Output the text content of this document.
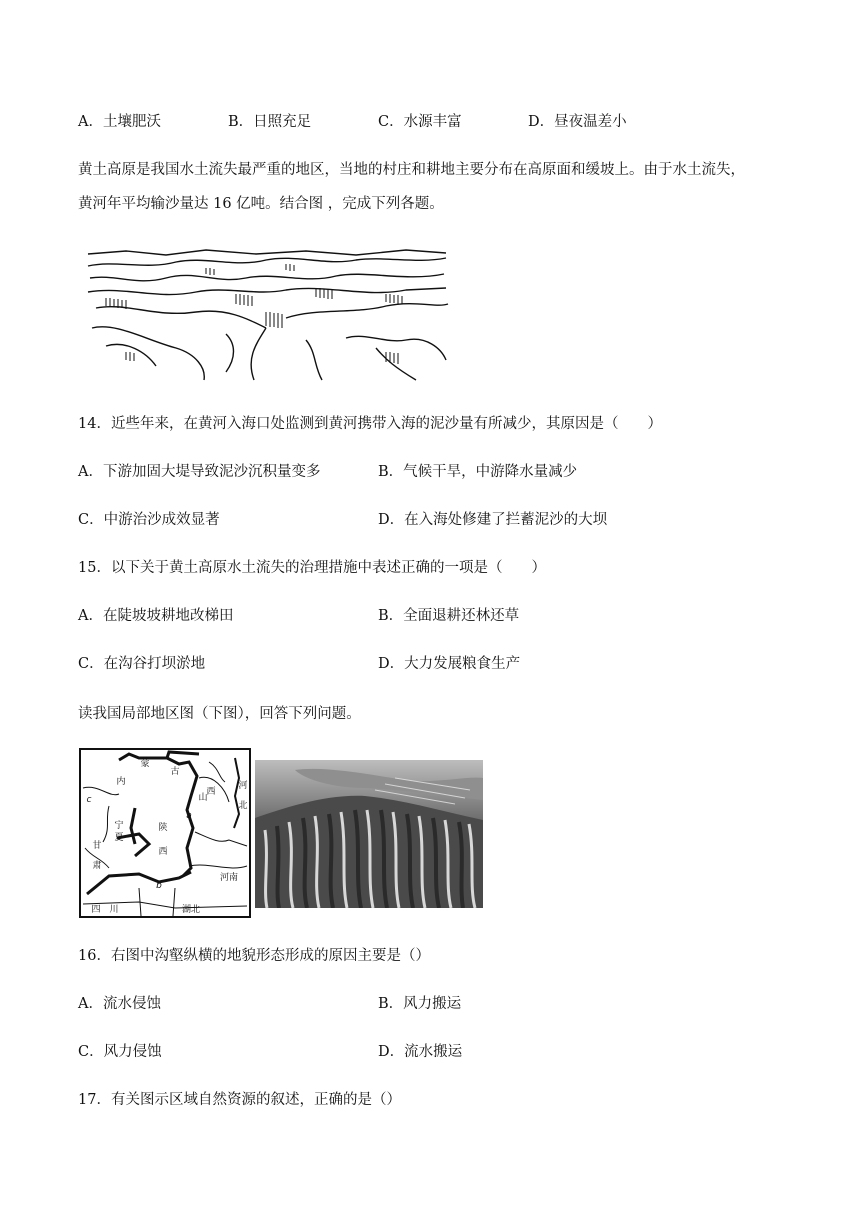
A．土壤肥沃	B．日照充足	C．水源丰富	D．昼夜温差小
黄土高原是我国水土流失最严重的地区，当地的村庄和耕地主要分布在高原面和缓坡上。由于水土流失，
黄河年平均输沙量达 16 亿吨。结合图 ，完成下列各题。
14．近些年来，在黄河入海口处监测到黄河携带入海的泥沙量有所减少，其原因是（　　）
A．下游加固大堤导致泥沙沉积量变多	B．气候干旱，中游降水量减少
C．中游治沙成效显著	D．在入海处修建了拦蓄泥沙的大坝
15．以下关于黄土高原水土流失的治理措施中表述正确的一项是（　　）
A．在陡坡坡耕地改梯田	B．全面退耕还林还草
C．在沟谷打坝淤地	D．大力发展粮食生产
读我国局部地区图（下图），回答下列问题。
内
蒙
古
山
西
河
北
宁
夏
陕
西
甘
肃
河南
四　川	湖北
c
b
a
16．右图中沟壑纵横的地貌形态形成的原因主要是（）
A．流水侵蚀	B．风力搬运
C．风力侵蚀	D．流水搬运
17．有关图示区域自然资源的叙述，正确的是（）
